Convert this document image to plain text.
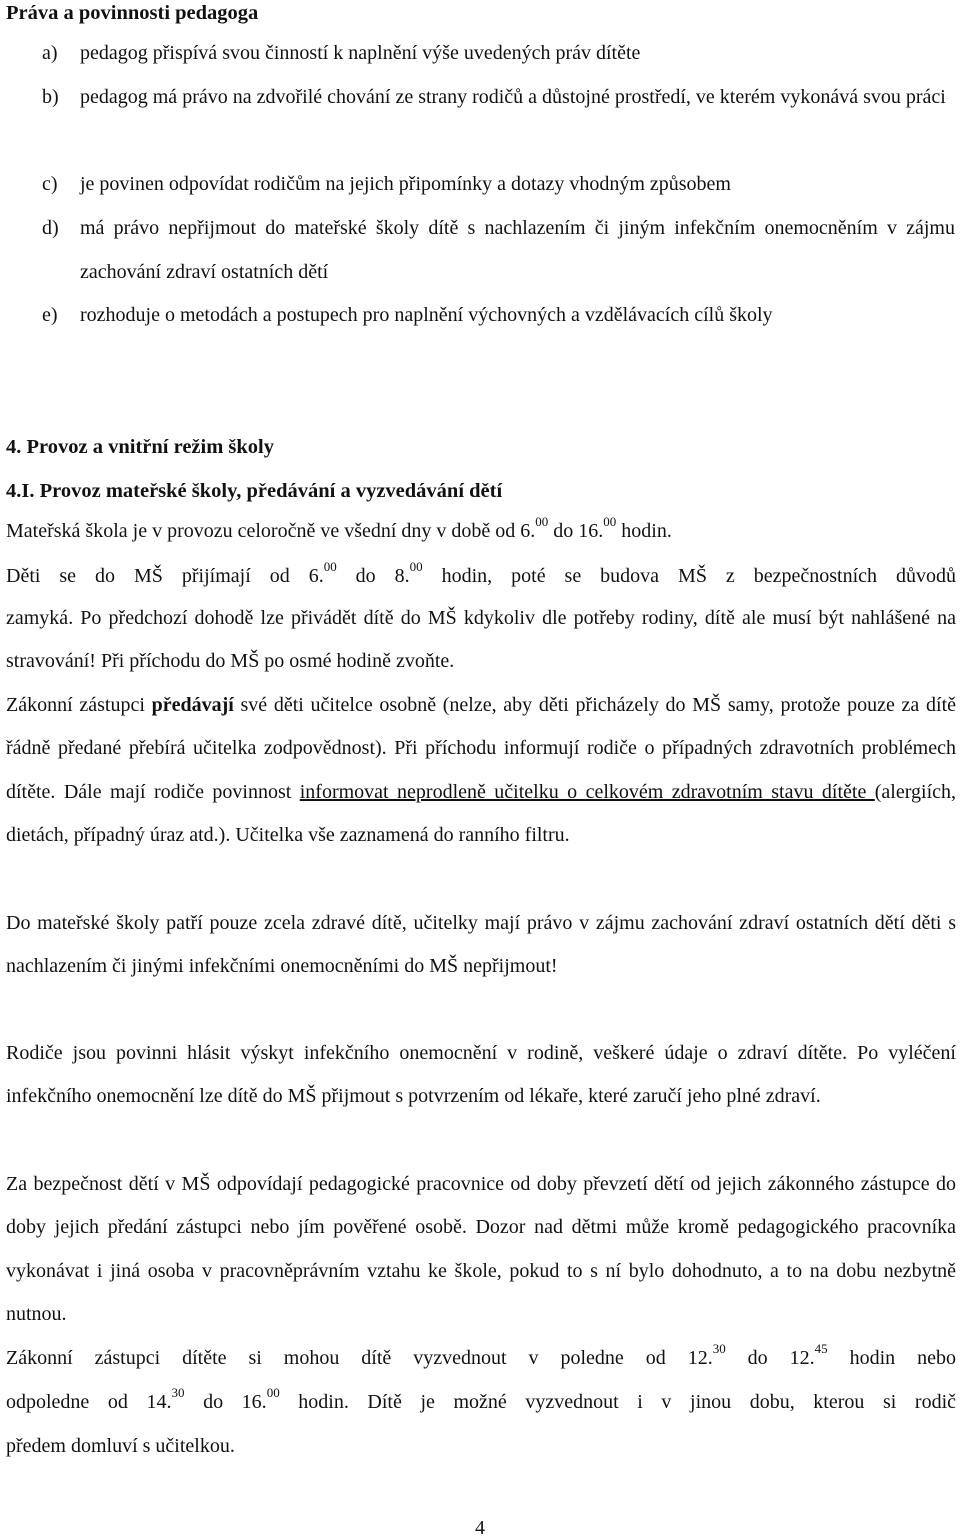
Práva a povinnosti pedagoga
a) pedagog přispívá svou činností k naplnění výše uvedených práv dítěte
b) pedagog má právo na zdvořilé chování ze strany rodičů a důstojné prostředí, ve kterém vykonává svou práci
c) je povinen odpovídat rodičům na jejich připomínky a dotazy vhodným způsobem
d) má právo nepřijmout do mateřské školy dítě s nachlazením či jiným infekčním onemocněním v zájmu zachování zdraví ostatních dětí
e) rozhoduje o metodách a postupech pro naplnění výchovných a vzdělávacích cílů školy
4. Provoz a vnitřní režim školy
4.I. Provoz mateřské školy, předávání a vyzvedávání dětí
Mateřská škola je v provozu celoročně ve všední dny v době od 6.00 do 16.00 hodin.
Děti se do MŠ přijímají od 6.00 do 8.00 hodin, poté se budova MŠ z bezpečnostních důvodů

zamyká. Po předchozí dohodě lze přivádět dítě do MŠ kdykoliv dle potřeby rodiny, dítě ale musí být nahlášené na stravování! Při příchodu do MŠ po osmé hodině zvoňte.

Zákonní zástupci předávají své děti učitelce osobně (nelze, aby děti přicházely do MŠ samy, protože pouze za dítě řádně předané přebírá učitelka zodpovědnost). Při příchodu informují rodiče o případných zdravotních problémech dítěte. Dále mají rodiče povinnost informovat neprodleně učitelku o celkovém zdravotním stavu dítěte (alergiích, dietách, případný úraz atd.). Učitelka vše zaznamená do ranního filtru.

Do mateřské školy patří pouze zcela zdravé dítě, učitelky mají právo v zájmu zachování zdraví ostatních dětí děti s nachlazením či jinými infekčními onemocněními do MŠ nepřijmout!

Rodiče jsou povinni hlásit výskyt infekčního onemocnění v rodině, veškeré údaje o zdraví dítěte. Po vyléčení infekčního onemocnění lze dítě do MŠ přijmout s potvrzením od lékaře, které zaručí jeho plné zdraví.

Za bezpečnost dětí v MŠ odpovídají pedagogické pracovnice od doby převzetí dětí od jejich zákonného zástupce do doby jejich předání zástupci nebo jím pověřené osobě. Dozor nad dětmi může kromě pedagogického pracovníka vykonávat i jiná osoba v pracovněprávním vztahu ke škole, pokud to s ní bylo dohodnuto, a to na dobu nezbytně nutnou.

Zákonní zástupci dítěte si mohou dítě vyzvednout v poledne od 12.30 do 12.45 hodin nebo
odpoledne od 14.30 do 16.00 hodin. Dítě je možné vyzvednout i v jinou dobu, kterou si rodič
předem domluví s učitelkou.
4
